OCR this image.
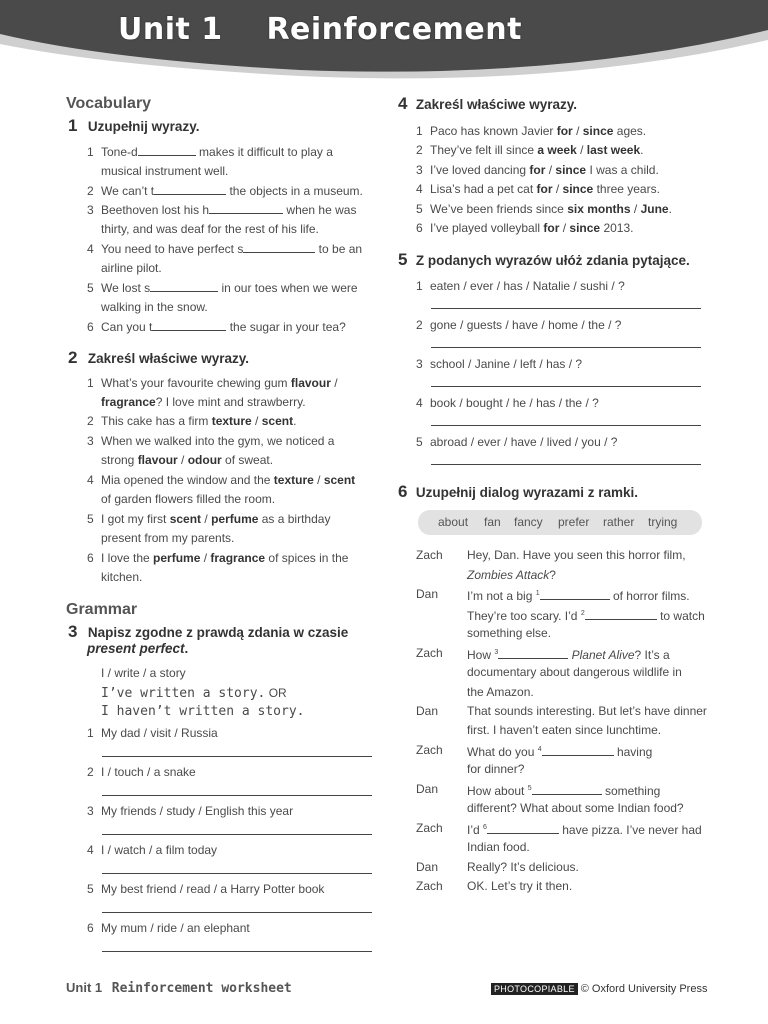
Unit 1    Reinforcement
Vocabulary
1 Uzupełnij wyrazy.
1 Tone-d	makes it difficult to play a
musical instrument well.
2 We can’t t	the objects in a museum.
3 Beethoven lost his h	when he was
thirty, and was deaf for the rest of his life.
4 You need to have perfect s	to be an
airline pilot.
5 We lost s	in our toes when we were
walking in the snow.
6 Can you t	the sugar in your tea?
2 Zakreśl właściwe wyrazy.
1 What’s your favourite chewing gum flavour /
fragrance? I love mint and strawberry.
2 This cake has a firm texture / scent.
3 When we walked into the gym, we noticed a
strong flavour / odour of sweat.
4 Mia opened the window and the texture / scent
of garden flowers filled the room.
5 I got my first scent / perfume as a birthday
present from my parents.
6 I love the perfume / fragrance of spices in the
kitchen.
Grammar
3 Napisz zgodne z prawdą zdania w czasie
present perfect.
I / write / a story
I’ve written a story. OR
I haven’t written a story.
1 My dad / visit / Russia
2 I / touch / a snake
3 My friends / study / English this year
4 I / watch / a film today
5 My best friend / read / a Harry Potter book
6 My mum / ride / an elephant
4 Zakreśl właściwe wyrazy.
1 Paco has known Javier for / since ages.
2 They’ve felt ill since a week / last week.
3 I’ve loved dancing for / since I was a child.
4 Lisa’s had a pet cat for / since three years.
5 We’ve been friends since six months / June.
6 I’ve played volleyball for / since 2013.
5 Z podanych wyrazów ułóż zdania pytające.
1 eaten / ever / has / Natalie / sushi / ?
2 gone / guests / have / home / the / ?
3 school / Janine / left / has / ?
4 book / bought / he / has / the / ?
5 abroad / ever / have / lived / you / ?
6 Uzupełnij dialog wyrazami z ramki.
about fan fancy prefer rather trying
Zach Hey, Dan. Have you seen this horror film,
Zombies Attack?
Dan I’m not a big $^1$	of horror films.
They’re too scary. I’d $^2$	to watch
something else.
Zach How $^3$	Planet Alive? It’s a
documentary about dangerous wildlife in
the Amazon.
Dan That sounds interesting. But let’s have dinner
first. I haven’t eaten since lunchtime.
Zach What do you $^4$	having
for dinner?
Dan How about $^5$	something
different? What about some Indian food?
Zach I’d $^6$	have pizza. I’ve never had
Indian food.
Dan Really? It’s delicious.
Zach OK. Let’s try it then.
Unit 1 Reinforcement worksheet	PHOTOCOPIABLE © Oxford University Press
